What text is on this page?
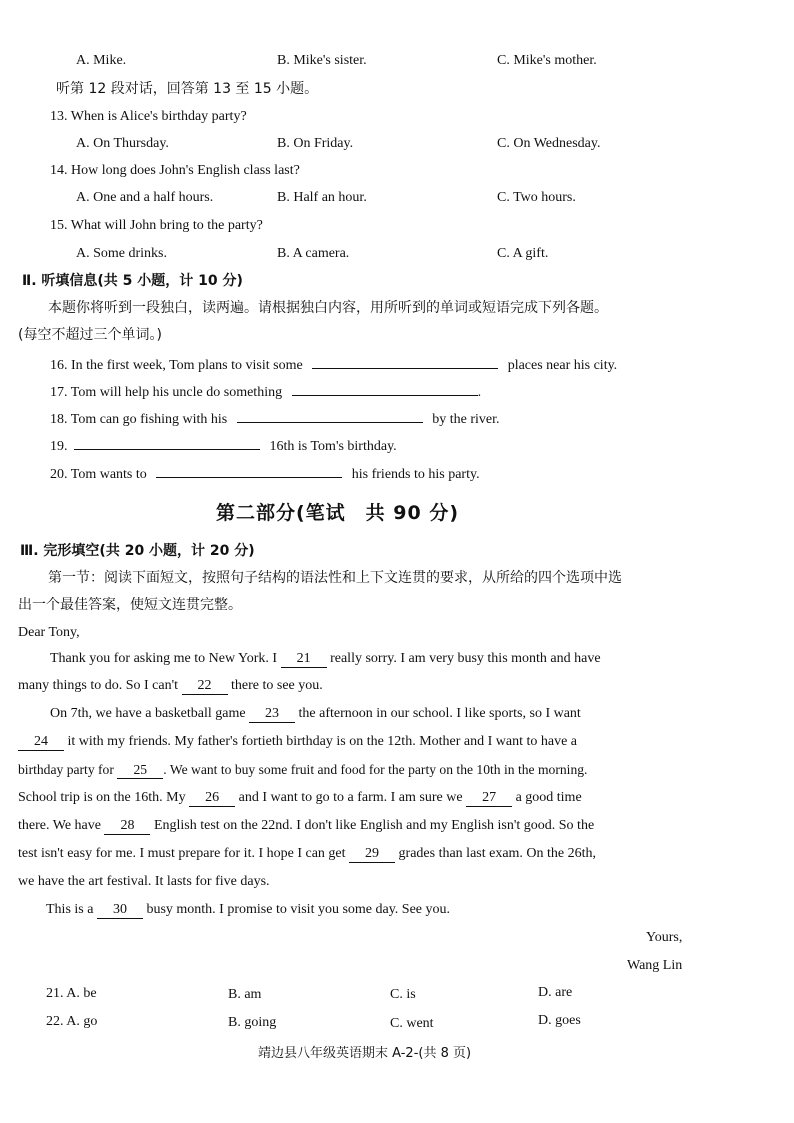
A. Mike.	B. Mike's sister.	C. Mike's mother.
听第 12 段对话，回答第 13 至 15 小题。
13. When is Alice's birthday party?
A. On Thursday.	B. On Friday.	C. On Wednesday.
14. How long does John's English class last?
A. One and a half hours.	B. Half an hour.	C. Two hours.
15. What will John bring to the party?
A. Some drinks.	B. A camera.	C. A gift.
Ⅱ. 听填信息(共 5 小题，计 10 分)
本题你将听到一段独白，读两遍。请根据独白内容，用所听到的单词或短语完成下列各题。
(每空不超过三个单词。)
16. In the first week, Tom plans to visit some	places near his city.
17. Tom will help his uncle do something	.
18. Tom can go fishing with his	by the river.
19.	16th is Tom's birthday.
20. Tom wants to	his friends to his party.
第二部分(笔试　共 90 分)
Ⅲ. 完形填空(共 20 小题，计 20 分)
第一节：阅读下面短文，按照句子结构的语法性和上下文连贯的要求，从所给的四个选项中选
出一个最佳答案，使短文连贯完整。
Dear Tony,
Thank you for asking me to New York. I 21 really sorry. I am very busy this month and have
many things to do. So I can't 22 there to see you.
On 7th, we have a basketball game 23 the afternoon in our school. I like sports, so I want
24 it with my friends. My father's fortieth birthday is on the 12th. Mother and I want to have a
birthday party for 25 . We want to buy some fruit and food for the party on the 10th in the morning.
School trip is on the 16th. My 26 and I want to go to a farm. I am sure we 27 a good time
there. We have 28 English test on the 22nd. I don't like English and my English isn't good. So the
test isn't easy for me. I must prepare for it. I hope I can get 29 grades than last exam. On the 26th,
we have the art festival. It lasts for five days.
This is a 30 busy month. I promise to visit you some day. See you.
Yours,
Wang Lin
21. A. be	B. am	C. is	D. are
22. A. go	B. going	C. went	D. goes
靖边县八年级英语期末 A-2-(共 8 页)
